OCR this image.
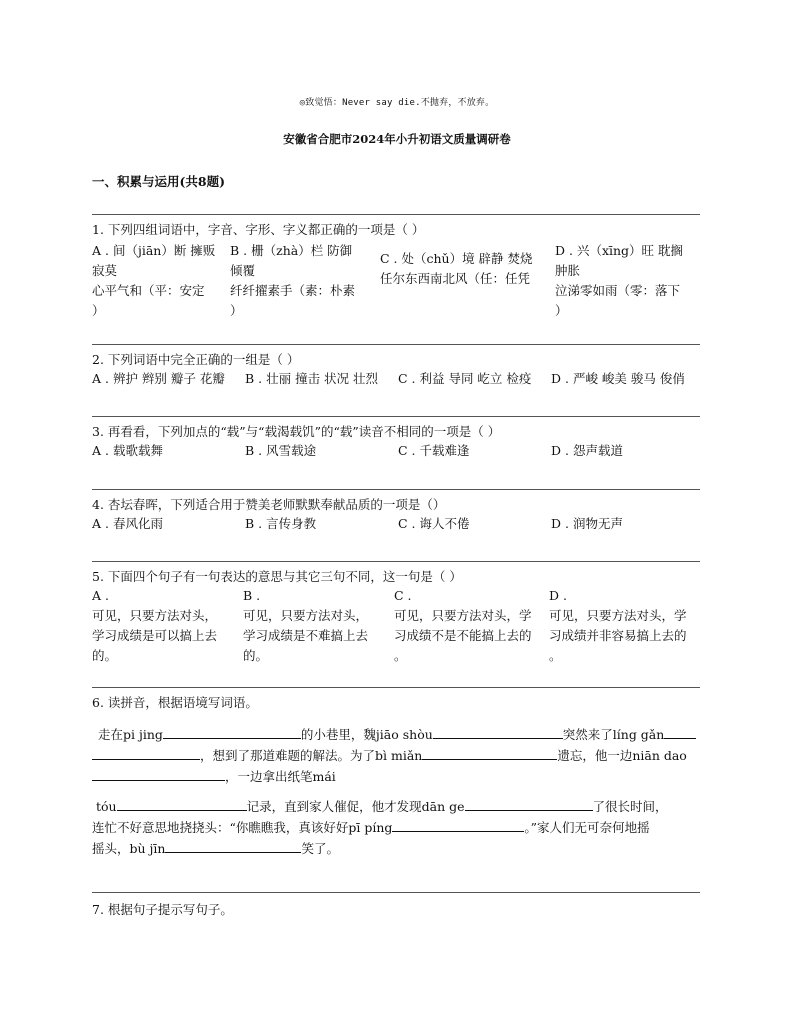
◎致觉悟：Never say die.不抛弃，不放弃。
安徽省合肥市2024年小升初语文质量调研卷
一、积累与运用(共8题)
1. 下列四组词语中，字音、字形、字义都正确的一项是（ ）
A . 间（jiān）断 擁贩
寂莫
心平气和（平：安定
）
B . 栅（zhà）栏 防御
倾覆
纤纤擢素手（素：朴素
）
C . 处（chǔ）境 辟静 焚烧
任尔东西南北风（任：任凭
D . 兴（xīng）旺 耽搁
肿胀
泣涕零如雨（零：落下
）
2. 下列词语中完全正确的一组是（ ）
A . 辨护 辫别 瓣子 花瓣 B . 壮丽 撞击 状况 壮烈 C . 利益 导同 屹立 检疫 D . 严峻 峻美 骏马 俊俏
3. 再看看，下列加点的“载”与“载渴载饥”的“载”读音不相同的一项是（ ）
A . 载歌载舞	B . 风雪载途	C . 千载难逢	D . 怨声载道
4. 杏坛春晖，下列适合用于赞美老师默默奉献品质的一项是（）
A . 春风化雨	B . 言传身教	C . 诲人不倦	D . 润物无声
5. 下面四个句子有一句表达的意思与其它三句不同，这一句是（ ）
A .
可见，只要方法对头，
学习成绩是可以搞上去
的。
B .
可见，只要方法对头，
学习成绩是不难搞上去
的。
C .
可见，只要方法对头，学
习成绩不是不能搞上去的
。
D .
可见，只要方法对头，学
习成绩并非容易搞上去的
。
6. 读拼音，根据语境写词语。
走在pi jing	的小巷里，魏jiāo shòu	突然来了líng gǎn
，想到了那道难题的解法。为了bì miǎn	遗忘，他一边niān dao
，一边拿出纸笔mái
tóu	记录，直到家人催促，他才发现dān ge	了很长时间，
连忙不好意思地挠挠头：“你瞧瞧我，真该好好pī píng	。”家人们无可奈何地摇
摇头，bù jīn	笑了。
7. 根据句子提示写句子。
